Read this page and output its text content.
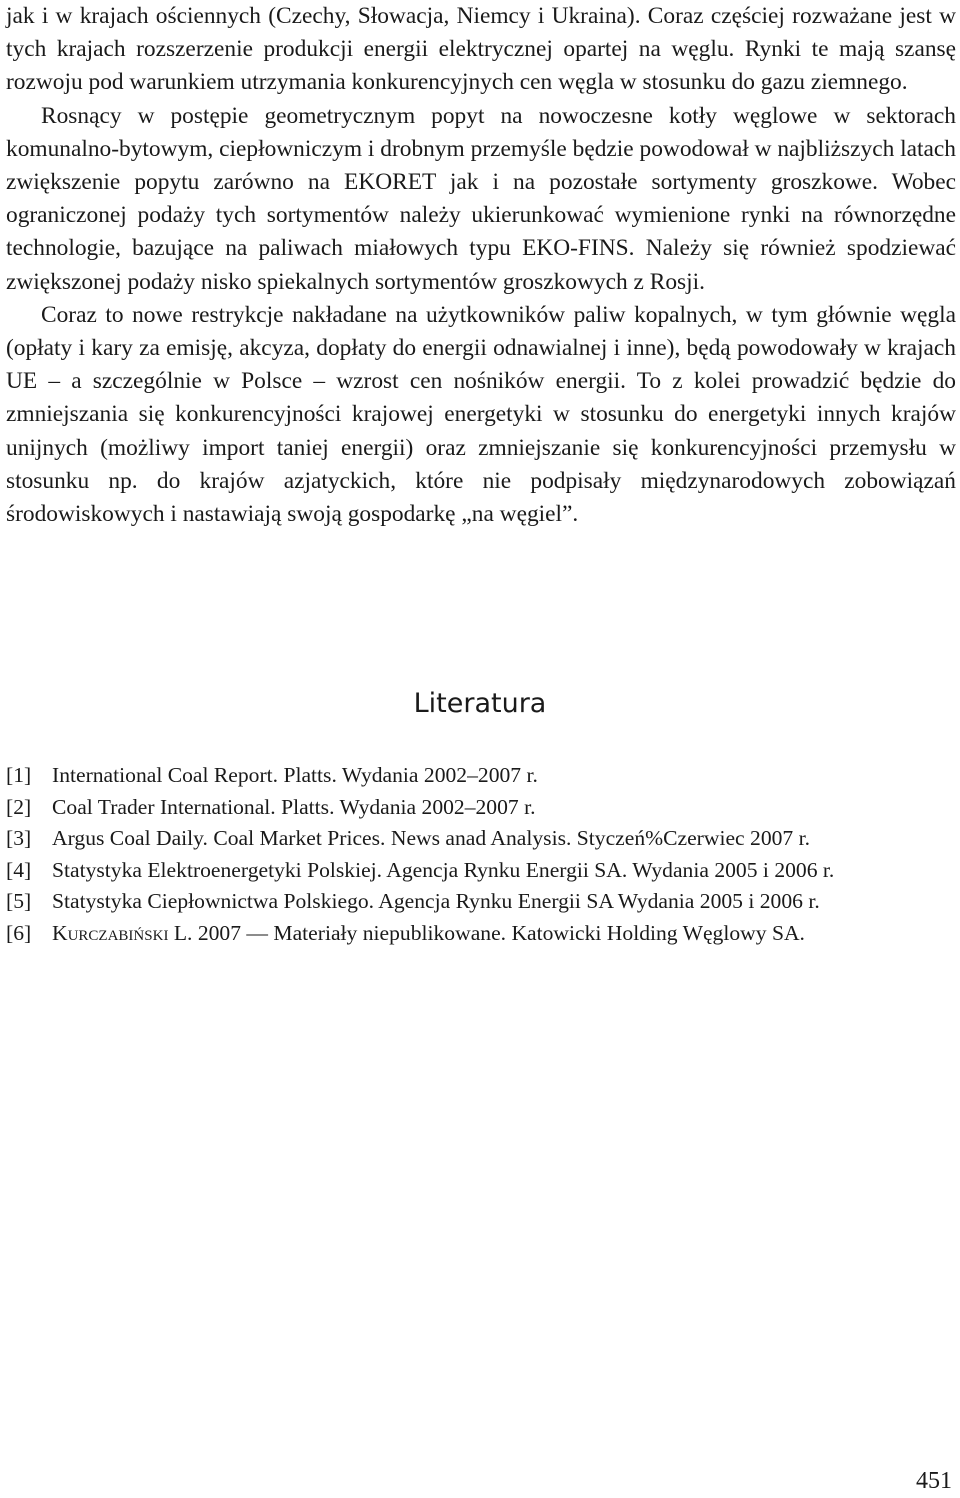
jak i w krajach ościennych (Czechy, Słowacja, Niemcy i Ukraina). Coraz częściej rozważane jest w tych krajach rozszerzenie produkcji energii elektrycznej opartej na węglu. Rynki te mają szansę rozwoju pod warunkiem utrzymania konkurencyjnych cen węgla w stosunku do gazu ziemnego.

Rosnący w postępie geometrycznym popyt na nowoczesne kotły węglowe w sektorach komunalno-bytowym, ciepłowniczym i drobnym przemyśle będzie powodował w najbliższych latach zwiększenie popytu zarówno na EKORET jak i na pozostałe sortymenty groszkowe. Wobec ograniczonej podaży tych sortymentów należy ukierunkować wymienione rynki na równorzędne technologie, bazujące na paliwach miałowych typu EKO-FINS. Należy się również spodziewać zwiększonej podaży nisko spiekalnych sortymentów groszkowych z Rosji.

Coraz to nowe restrykcje nakładane na użytkowników paliw kopalnych, w tym głównie węgla (opłaty i kary za emisję, akcyza, dopłaty do energii odnawialnej i inne), będą powodowały w krajach UE – a szczególnie w Polsce – wzrost cen nośników energii. To z kolei prowadzić będzie do zmniejszania się konkurencyjności krajowej energetyki w stosunku do energetyki innych krajów unijnych (możliwy import taniej energii) oraz zmniejszanie się konkurencyjności przemysłu w stosunku np. do krajów azjatyckich, które nie podpisały międzynarodowych zobowiązań środowiskowych i nastawiają swoją gospodarkę „na węgiel”.

Literatura
[1] International Coal Report. Platts. Wydania 2002–2007 r.
[2] Coal Trader International. Platts. Wydania 2002–2007 r.
[3] Argus Coal Daily. Coal Market Prices. News anad Analysis. Styczeń%Czerwiec 2007 r.
[4] Statystyka Elektroenergetyki Polskiej. Agencja Rynku Energii SA. Wydania 2005 i 2006 r.
[5] Statystyka Ciepłownictwa Polskiego. Agencja Rynku Energii SA Wydania 2005 i 2006 r.
[6] Kurczabiński L. 2007 — Materiały niepublikowane. Katowicki Holding Węglowy SA.
451
